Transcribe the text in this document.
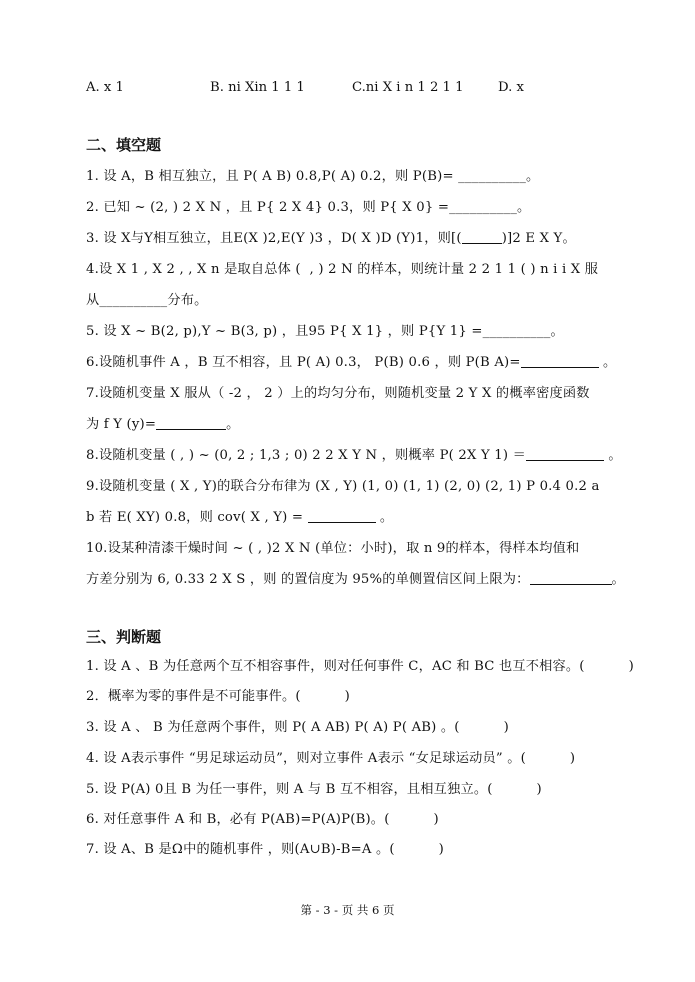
A. x 1	B. ni Xin 1 1 1	C.ni X i n 1 2 1 1	D. x
二、填空题
1. 设 A，B 相互独立，且 P( A B) 0.8,P( A) 0.2，则 P(B)= __________。
2. 已知 ~ (2, ) 2 X N ，且 P{ 2 X 4} 0.3，则 P{ X 0} =__________。
3. 设 X与Y相互独立，且E(X )2,E(Y )3 ，D( X )D (Y)1，则[(	)]2 E X Y。
4.设 X 1 , X 2 , , X n 是取自总体 (  , ) 2 N 的样本，则统计量 2 2 1 1 ( ) n i i X 服
从__________分布。
5. 设 X ~ B(2, p),Y ~ B(3, p) ，且95 P{ X 1} ，则 P{Y 1} =__________。
6.设随机事件 A ，B 互不相容，且 P( A) 0.3， P(B) 0.6 ，则 P(B A)=	。
7.设随机变量 X 服从（ -2 ， 2 ）上的均匀分布，则随机变量 2 Y X 的概率密度函数
为 f Y (y)=	。
8.设随机变量 ( , ) ~ (0, 2 ; 1,3 ; 0) 2 2 X Y N ，则概率 P( 2X Y 1) ＝	。
9.设随机变量 ( X , Y)的联合分布律为 (X , Y) (1, 0) (1, 1) (2, 0) (2, 1) P 0.4 0.2 a
b 若 E( XY) 0.8，则 cov( X , Y) =	。
10.设某种清漆干燥时间 ~ ( , )2 X N (单位：小时)，取 n 9的样本，得样本均值和
方差分别为 6, 0.33 2 X S ，则 的置信度为 95%的单侧置信区间上限为：	。
三、判断题
1. 设 A 、B 为任意两个互不相容事件，则对任何事件 C，AC 和 BC 也互不相容。(          )
2．概率为零的事件是不可能事件。(          )
3. 设 A 、 B 为任意两个事件，则 P( A AB) P( A) P( AB) 。(          )
4. 设 A表示事件 “男足球运动员”，则对立事件 A表示 “女足球运动员” 。(          )
5. 设 P(A) 0且 B 为任一事件，则 A 与 B 互不相容，且相互独立。(          )
6. 对任意事件 A 和 B，必有 P(AB)=P(A)P(B)。(          )
7. 设 A、B 是Ω中的随机事件 ，则(A∪B)-B=A 。(          )
第 - 3 - 页 共 6 页
